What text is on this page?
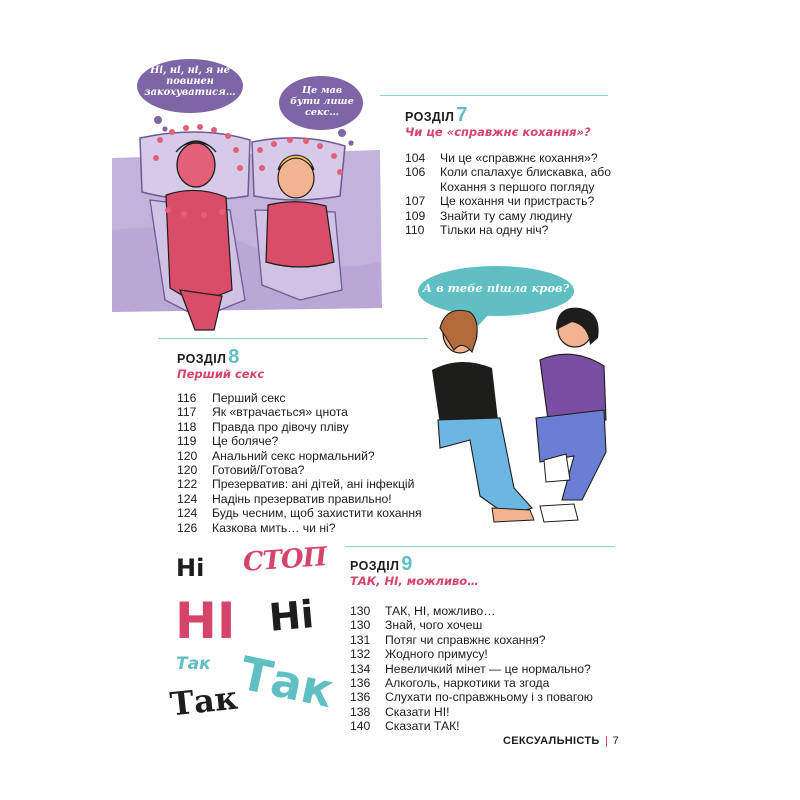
Ні, ні, ні, я не повинен закохуватися…	Це мав бути лише секс…	РОЗДІЛ 7
Чи це «справжнє кохання»?
104	Чи це «справжнє кохання»?
106	Коли спалахує блискавка, або
Кохання з першого погляду
107	Це кохання чи пристрасть?
109	Знайти ту саму людину
110	Тільки на одну ніч?
А в тебе пішла кров?
РОЗДІЛ 8
Перший секс
116	Перший секс
117	Як «втрачається» цнота
118	Правда про дівочу пліву
119	Це боляче?
120	Анальний секс нормальний?
120	Готовий/Готова?
122	Презерватив: ані дітей, ані інфекцій
124	Надінь презерватив правильно!
124	Будь чесним, щоб захистити кохання
126	Казкова мить… чи ні?
Ні СТОП
НІ Ні
Так Так
Так
РОЗДІЛ 9
ТАК, НІ, можливо…
130	ТАК, НІ, можливо…
130	Знай, чого хочеш
131	Потяг чи справжнє кохання?
132	Жодного примусу!
134	Невеличкий мінет — це нормально?
136	Алкоголь, наркотики та згода
136	Слухати по-справжньому і з повагою
138	Сказати НІ!
140	Сказати ТАК!
СЕКСУАЛЬНІСТЬ 7
